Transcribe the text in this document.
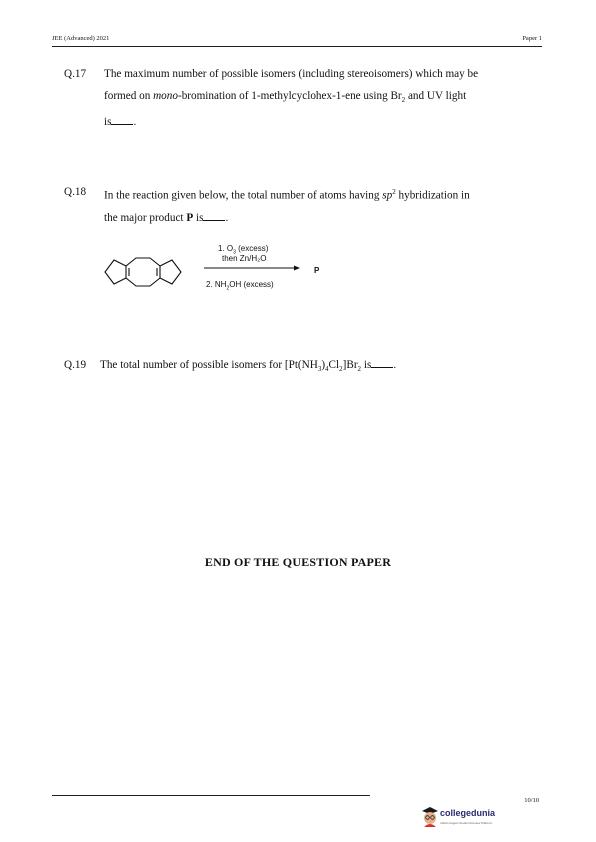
JEE (Advanced) 2021	Paper 1
Q.17 The maximum number of possible isomers (including stereoisomers) which may be
formed on mono-bromination of 1-methylcyclohex-1-ene using $Br_2$ and UV light
is .
Q.18 In the reaction given below, the total number of atoms having $sp^2$ hybridization in
the major product P is .
1. $O_3$ (excess)
then Zn/H₂O
P
2. $NH_2OH$ (excess)
Q.19 The total number of possible isomers for $[Pt(NH_3)_4Cl_2]Br_2$ is .
END OF THE QUESTION PAPER
10/10
collegedunia
India's largest Student Review Platform
